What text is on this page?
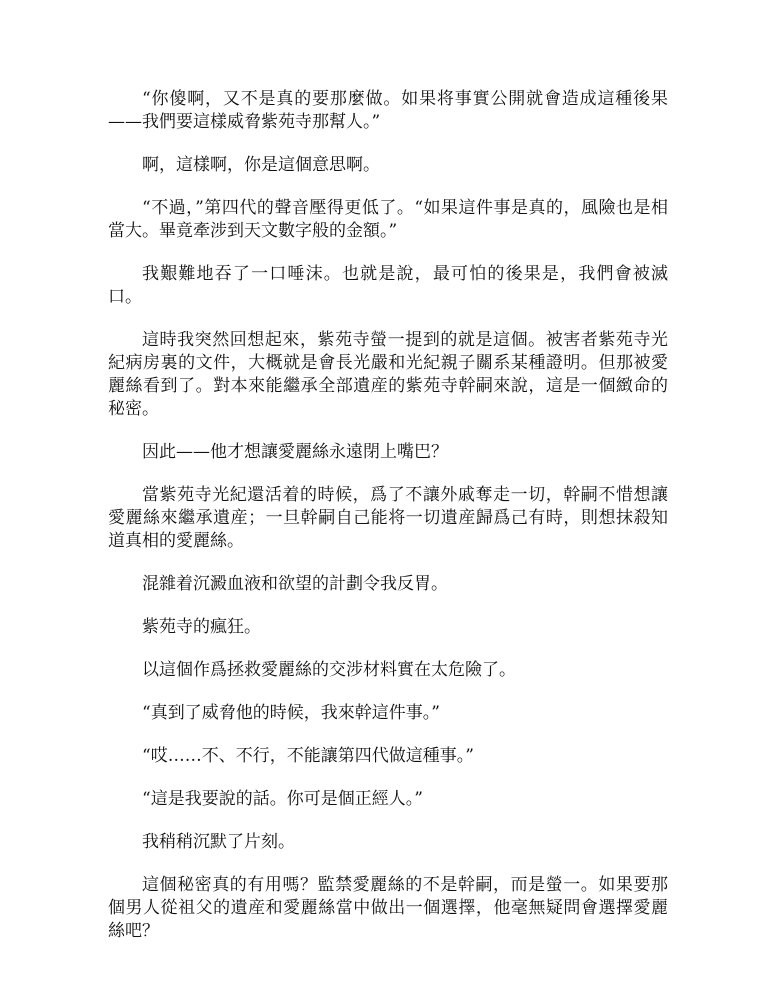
“你傻啊，又不是真的要那麼做。如果将事實公開就會造成這種後果——我們要這樣威脅紫苑寺那幫人。”

啊，這樣啊，你是這個意思啊。

“不過，”第四代的聲音壓得更低了。“如果這件事是真的，風險也是相當大。畢竟牽涉到天文數字般的金額。”

我艱難地吞了一口唾沫。也就是說，最可怕的後果是，我們會被滅口。

這時我突然回想起來，紫苑寺螢一提到的就是這個。被害者紫苑寺光紀病房裏的文件，大概就是會長光嚴和光紀親子關系某種證明。但那被愛麗絲看到了。對本來能繼承全部遺産的紫苑寺幹嗣來說，這是一個緻命的秘密。

因此——他才想讓愛麗絲永遠閉上嘴巴？

當紫苑寺光紀還活着的時候，爲了不讓外戚奪走一切，幹嗣不惜想讓愛麗絲來繼承遺産；一旦幹嗣自己能将一切遺産歸爲己有時，則想抹殺知道真相的愛麗絲。

混雜着沉澱血液和欲望的計劃令我反胃。

紫苑寺的瘋狂。

以這個作爲拯救愛麗絲的交涉材料實在太危險了。

“真到了威脅他的時候，我來幹這件事。”

“哎……不、不行，不能讓第四代做這種事。”

“這是我要說的話。你可是個正經人。”

我稍稍沉默了片刻。

這個秘密真的有用嗎？監禁愛麗絲的不是幹嗣，而是螢一。如果要那個男人從祖父的遺産和愛麗絲當中做出一個選擇，他毫無疑問會選擇愛麗絲吧？
